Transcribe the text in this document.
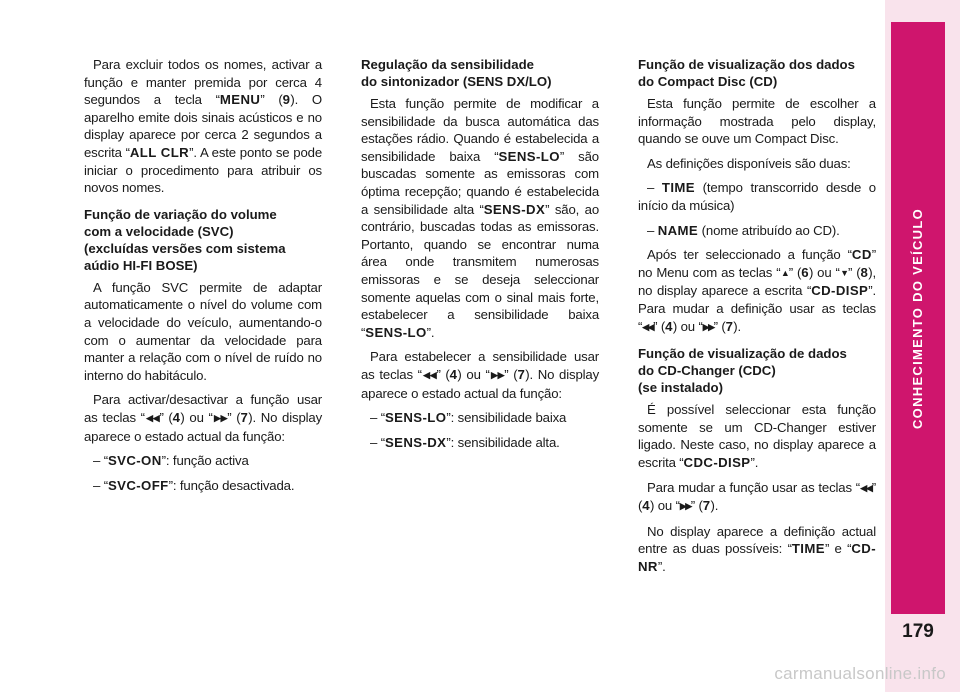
CONHECIMENTO DO VEÍCULO
179

Para excluir todos os nomes, activar a função e manter premida por cerca 4 segundos a tecla “MENU” (9). O aparelho emite dois sinais acústicos e no display aparece por cerca 2 segundos a escrita “ALL CLR”. A este ponto se pode iniciar o procedimento para atribuir os novos nomes.

Função de variação do volume
com a velocidade (SVC)
(excluídas versões com sistema
aúdio HI-FI BOSE)

A função SVC permite de adaptar automaticamente o nível do volume com a velocidade do veículo, aumentando-o com o aumentar da velocidade para manter a relação com o nível de ruído no interno do habitáculo.

Para activar/desactivar a função usar as teclas “◀◀” (4) ou “▶▶” (7). No display aparece o estado actual da função:

– “SVC-ON”: função activa

– “SVC-OFF”: função desactivada.

Regulação da sensibilidade
do sintonizador (SENS DX/LO)

Esta função permite de modificar a sensibilidade da busca automática das estações rádio. Quando é estabelecida a sensibilidade baixa “SENS-LO” são buscadas somente as emissoras com óptima recepção; quando é estabelecida a sensibilidade alta “SENS-DX” são, ao contrário, buscadas todas as emissoras. Portanto, quando se encontrar numa área onde transmitem numerosas emissoras e se deseja seleccionar somente aquelas com o sinal mais forte, estabelecer a sensibilidade baixa “SENS-LO”.

Para estabelecer a sensibilidade usar as teclas “◀◀” (4) ou “▶▶” (7). No display aparece o estado actual da função:

– “SENS-LO”: sensibilidade baixa

– “SENS-DX”: sensibilidade alta.

Função de visualização dos dados
do Compact Disc (CD)

Esta função permite de escolher a informação mostrada pelo display, quando se ouve um Compact Disc.

As definições disponíveis são duas:

– TIME (tempo transcorrido desde o início da música)

– NAME (nome atribuído ao CD).

Após ter seleccionado a função “CD” no Menu com as teclas “▲” (6) ou “▼” (8), no display aparece a escrita “CD-DISP”. Para mudar a definição usar as teclas “◀◀” (4) ou “▶▶” (7).

Função de visualização de dados
do CD-Changer (CDC)
(se instalado)

É possível seleccionar esta função somente se um CD-Changer estiver ligado. Neste caso, no display aparece a escrita “CDC-DISP”.

Para mudar a função usar as teclas “◀◀” (4) ou “▶▶” (7).

No display aparece a definição actual entre as duas possíveis: “TIME” e “CD-NR”.

carmanualsonline.info
